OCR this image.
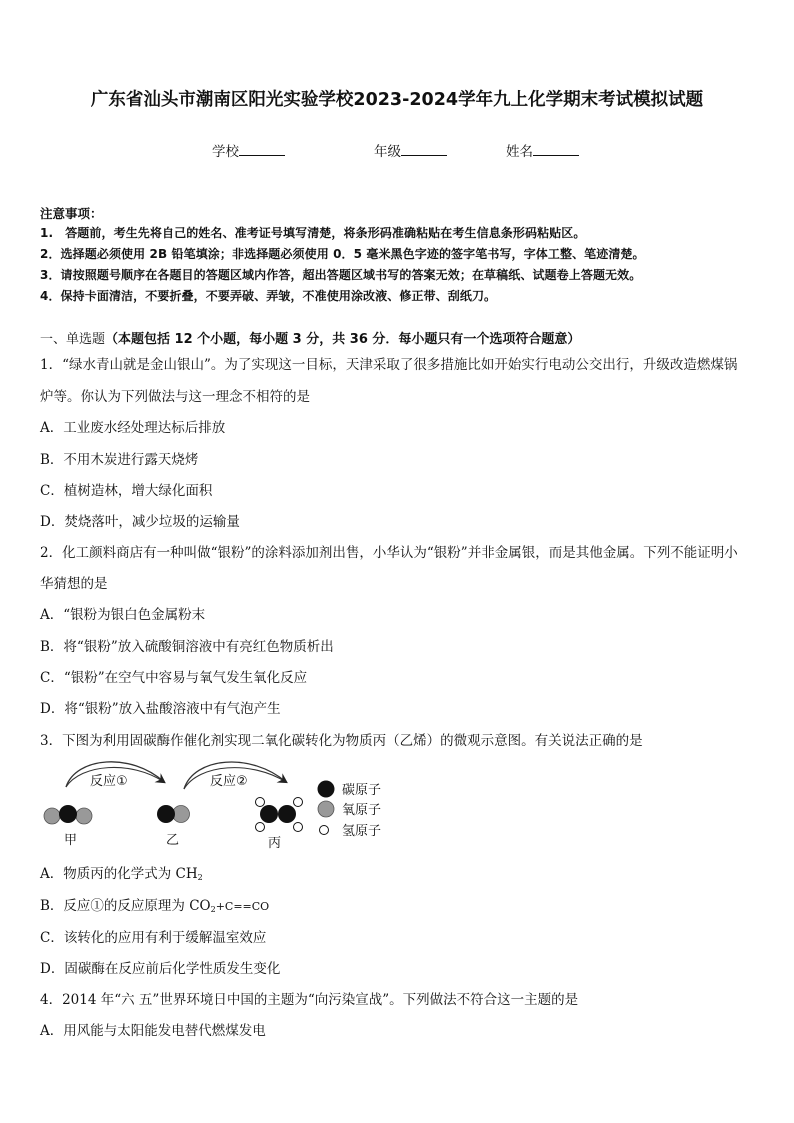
广东省汕头市潮南区阳光实验学校2023-2024学年九上化学期末考试模拟试题
学校	年级	姓名
注意事项：
1.　答题前，考生先将自己的姓名、准考证号填写清楚，将条形码准确粘贴在考生信息条形码粘贴区。
2．选择题必须使用 2B 铅笔填涂；非选择题必须使用 0．5 毫米黑色字迹的签字笔书写，字体工整、笔迹清楚。
3．请按照题号顺序在各题目的答题区域内作答，超出答题区域书写的答案无效；在草稿纸、试题卷上答题无效。
4．保持卡面清洁，不要折叠，不要弄破、弄皱，不准使用涂改液、修正带、刮纸刀。
一、单选题（本题包括 12 个小题，每小题 3 分，共 36 分．每小题只有一个选项符合题意）
1．“绿水青山就是金山银山”。为了实现这一目标，天津采取了很多措施比如开始实行电动公交出行，升级改造燃煤锅
炉等。你认为下列做法与这一理念不相符的是
A．工业废水经处理达标后排放
B．不用木炭进行露天烧烤
C．植树造林，增大绿化面积
D．焚烧落叶，减少垃圾的运输量
2．化工颜料商店有一种叫做“银粉”的涂料添加剂出售，小华认为“银粉”并非金属银，而是其他金属。下列不能证明小
华猜想的是
A．“银粉为银白色金属粉末
B．将“银粉”放入硫酸铜溶液中有亮红色物质析出
C．“银粉”在空气中容易与氧气发生氧化反应
D．将“银粉”放入盐酸溶液中有气泡产生
3．下图为利用固碳酶作催化剂实现二氧化碳转化为物质丙（乙烯）的微观示意图。有关说法正确的是
反应①	反应②
甲	乙	丙
碳原子
氧原子
氢原子
A．物质丙的化学式为 $CH_2$
B．反应①的反应原理为 $CO_2+C==CO$
C．该转化的应用有利于缓解温室效应
D．固碳酶在反应前后化学性质发生变化
4．2014 年“六 五”世界环境日中国的主题为“向污染宣战”。下列做法不符合这一主题的是
A．用风能与太阳能发电替代燃煤发电
